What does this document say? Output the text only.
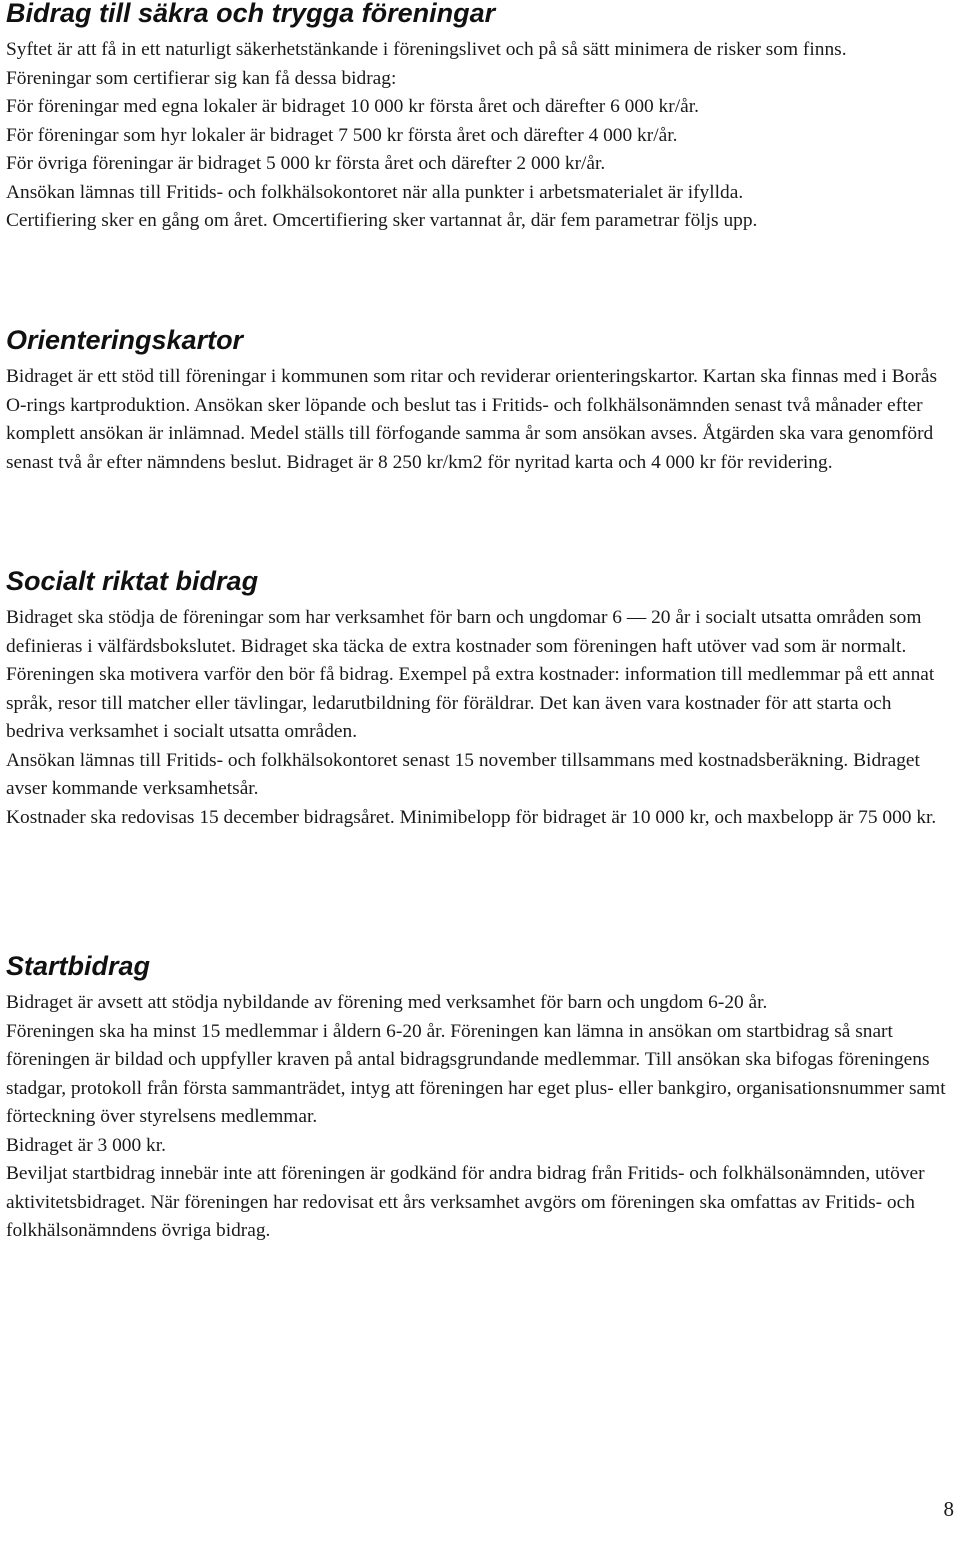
Bidrag till säkra och trygga föreningar

Syftet är att få in ett naturligt säkerhetstänkande i föreningslivet och på så sätt minimera de risker som finns.

Föreningar som certifierar sig kan få dessa bidrag:

För föreningar med egna lokaler är bidraget 10 000 kr första året och därefter 6 000 kr/år.

För föreningar som hyr lokaler är bidraget 7 500 kr första året och därefter 4 000 kr/år.

För övriga föreningar är bidraget 5 000 kr första året och därefter 2 000 kr/år.

Ansökan lämnas till Fritids- och folkhälsokontoret när alla punkter i arbetsmaterialet är ifyllda.

Certifiering sker en gång om året. Omcertifiering sker vartannat år, där fem parametrar följs upp.

Orienteringskartor

Bidraget är ett stöd till föreningar i kommunen som ritar och reviderar orienteringskartor. Kartan ska finnas med i Borås O-rings kartproduktion. Ansökan sker löpande och beslut tas i Fritids- och folkhälsonämnden senast två månader efter komplett ansökan är inlämnad. Medel ställs till förfogande samma år som ansökan avses. Åtgärden ska vara genomförd senast två år efter nämndens beslut. Bidraget är 8 250 kr/km2 för nyritad karta och 4 000 kr för revidering.

Socialt riktat bidrag

Bidraget ska stödja de föreningar som har verksamhet för barn och ungdomar 6 — 20 år i socialt utsatta områden som definieras i välfärdsbokslutet. Bidraget ska täcka de extra kostnader som föreningen haft utöver vad som är normalt.

Föreningen ska motivera varför den bör få bidrag. Exempel på extra kostnader: information till medlemmar på ett annat språk, resor till matcher eller tävlingar, ledarutbildning för föräldrar. Det kan även vara kostnader för att starta och bedriva verksamhet i socialt utsatta områden.

Ansökan lämnas till Fritids- och folkhälsokontoret senast 15 november tillsammans med kostnadsberäkning. Bidraget avser kommande verksamhetsår.

Kostnader ska redovisas 15 december bidragsåret. Minimibelopp för bidraget är 10 000 kr, och maxbelopp är 75 000 kr.

Startbidrag

Bidraget är avsett att stödja nybildande av förening med verksamhet för barn och ungdom 6-20 år.

Föreningen ska ha minst 15 medlemmar i åldern 6-20 år. Föreningen kan lämna in ansökan om startbidrag så snart föreningen är bildad och uppfyller kraven på antal bidragsgrundande medlemmar. Till ansökan ska bifogas föreningens stadgar, protokoll från första sammanträdet, intyg att föreningen har eget plus- eller bankgiro, organisationsnummer samt förteckning över styrelsens medlemmar.

Bidraget är 3 000 kr.

Beviljat startbidrag innebär inte att föreningen är godkänd för andra bidrag från Fritids- och folkhälsonämnden, utöver aktivitetsbidraget. När föreningen har redovisat ett års verksamhet avgörs om föreningen ska omfattas av Fritids- och folkhälsonämndens övriga bidrag.

8
